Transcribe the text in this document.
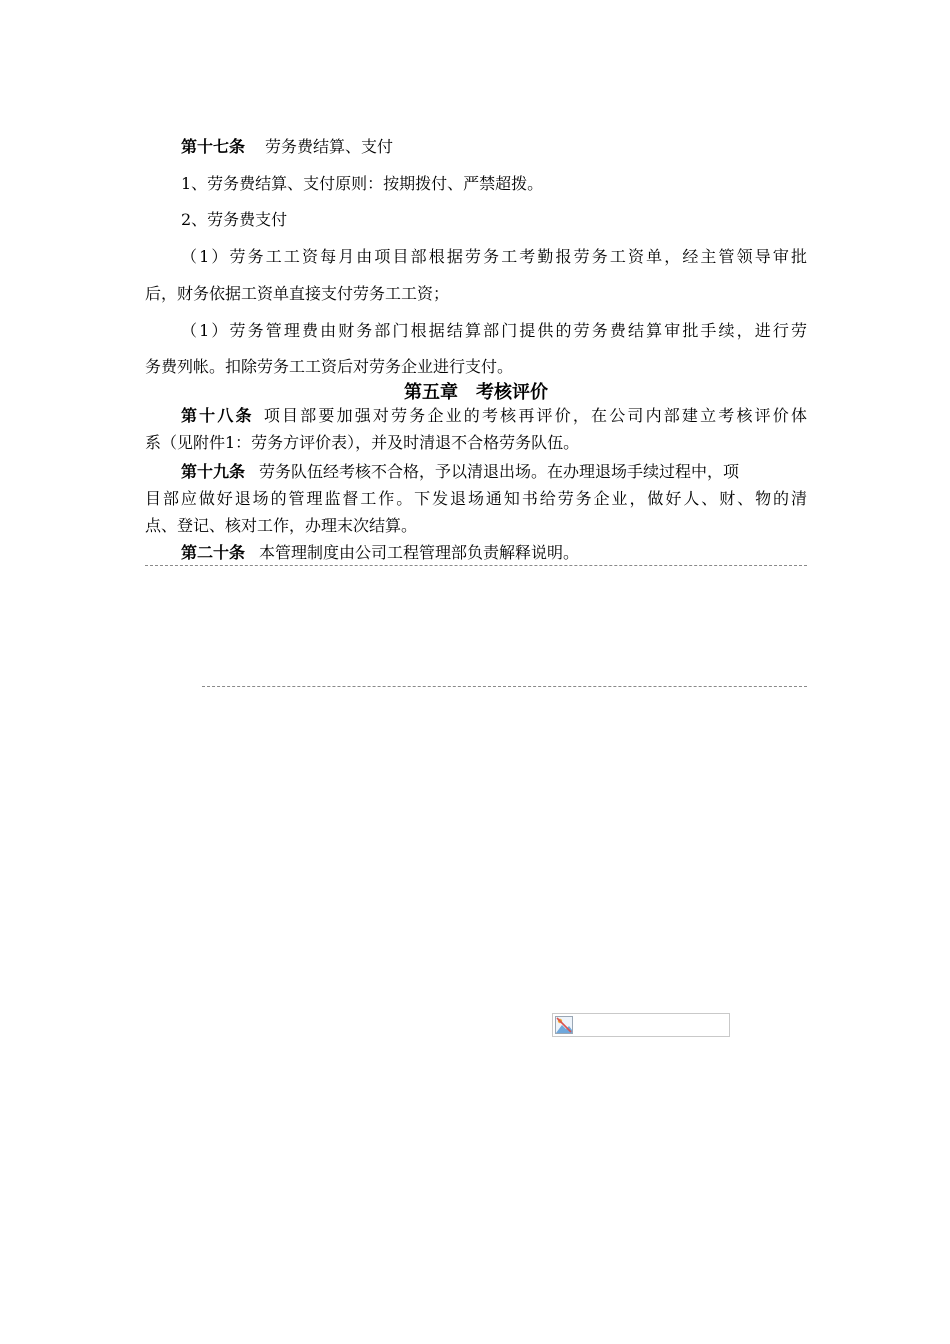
第十七条 劳务费结算、支付
1、劳务费结算、支付原则：按期拨付、严禁超拨。
2、劳务费支付
（1）劳务工工资每月由项目部根据劳务工考勤报劳务工资单，经主管领导审批
后，财务依据工资单直接支付劳务工工资；
（1）劳务管理费由财务部门根据结算部门提供的劳务费结算审批手续，进行劳
务费列帐。扣除劳务工工资后对劳务企业进行支付。
第五章　考核评价
第十八条 项目部要加强对劳务企业的考核再评价，在公司内部建立考核评价体
系（见附件1：劳务方评价表），并及时清退不合格劳务队伍。
第十九条 劳务队伍经考核不合格，予以清退出场。在办理退场手续过程中，项
目部应做好退场的管理监督工作。下发退场通知书给劳务企业，做好人、财、物的清
点、登记、核对工作，办理末次结算。
第二十条 本管理制度由公司工程管理部负责解释说明。
